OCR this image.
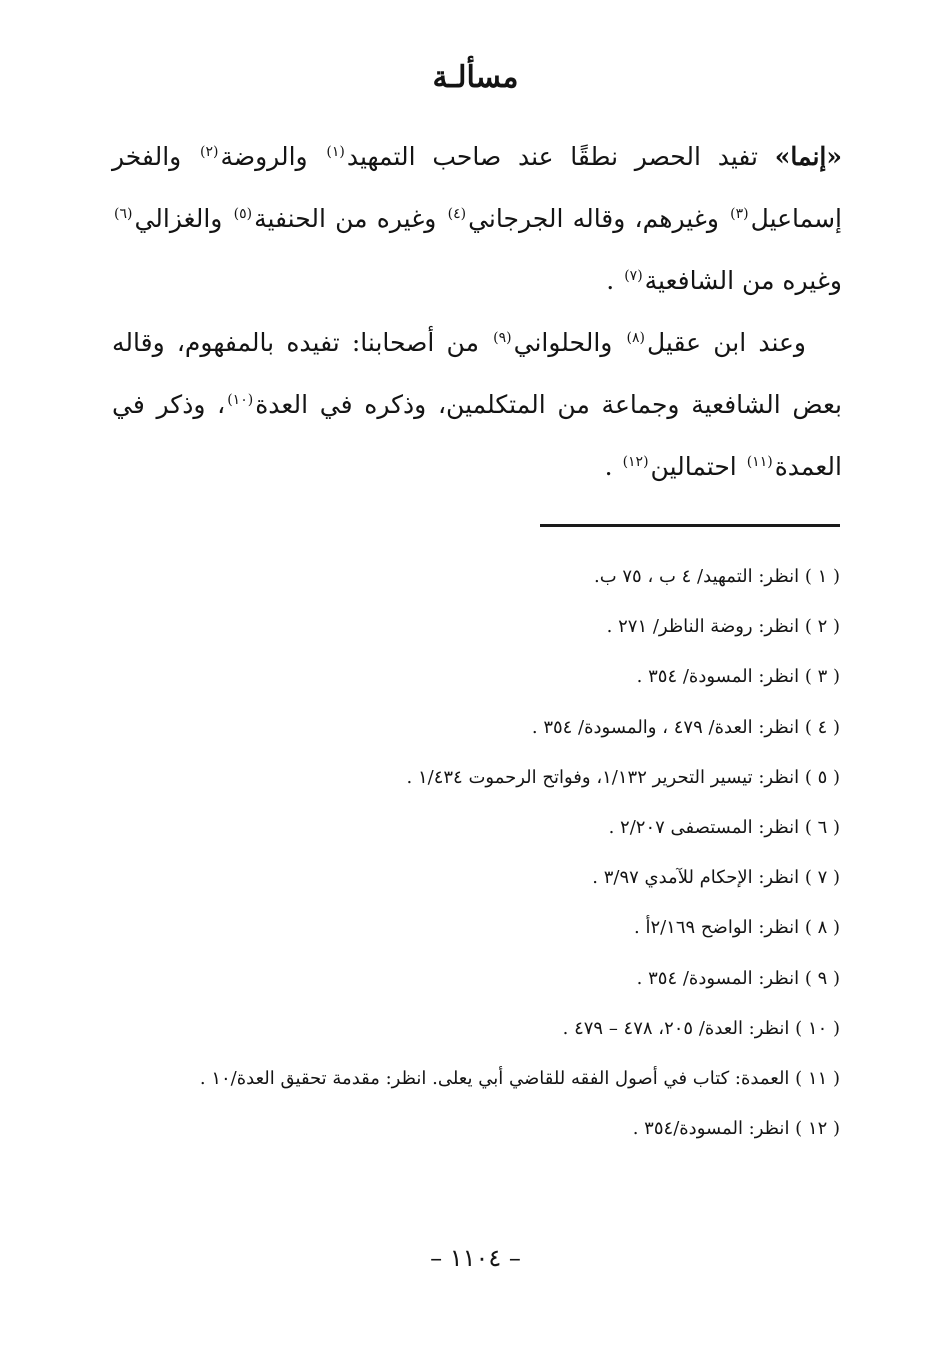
مسألـة
«إنما» تفيد الحصر نطقًا عند صاحب التمهيد$^{(١)}$ والروضة$^{(٢)}$ والفخر إسماعيل$^{(٣)}$ وغيرهم، وقاله الجرجاني$^{(٤)}$ وغيره من الحنفية$^{(٥)}$ والغزالي$^{(٦)}$ وغيره من الشافعية$^{(٧)}$ .
وعند ابن عقيل$^{(٨)}$ والحلواني$^{(٩)}$ من أصحابنا: تفيده بالمفهوم، وقاله بعض الشافعية وجماعة من المتكلمين، وذكره في العدة$^{(١٠)}$، وذكر في العمدة$^{(١١)}$ احتمالين$^{(١٢)}$ .
( ١ ) انظر: التمهيد/ ٤ ب ، ٧٥ ب.
( ٢ ) انظر: روضة الناظر/ ٢٧١ .
( ٣ ) انظر: المسودة/ ٣٥٤ .
( ٤ ) انظر: العدة/ ٤٧٩ ، والمسودة/ ٣٥٤ .
( ٥ ) انظر: تيسير التحرير ١/١٣٢، وفواتح الرحموت ١/٤٣٤ .
( ٦ ) انظر: المستصفى ٢/٢٠٧ .
( ٧ ) انظر: الإحكام للآمدي ٣/٩٧ .
( ٨ ) انظر: الواضح ٢/١٦٩أ .
( ٩ ) انظر: المسودة/ ٣٥٤ .
( ١٠ ) انظر: العدة/ ٢٠٥، ٤٧٨ – ٤٧٩ .
( ١١ ) العمدة: كتاب في أصول الفقه للقاضي أبي يعلى. انظر: مقدمة تحقيق العدة/١٠ .
( ١٢ ) انظر: المسودة/٣٥٤ .
– ١١٠٤ –
